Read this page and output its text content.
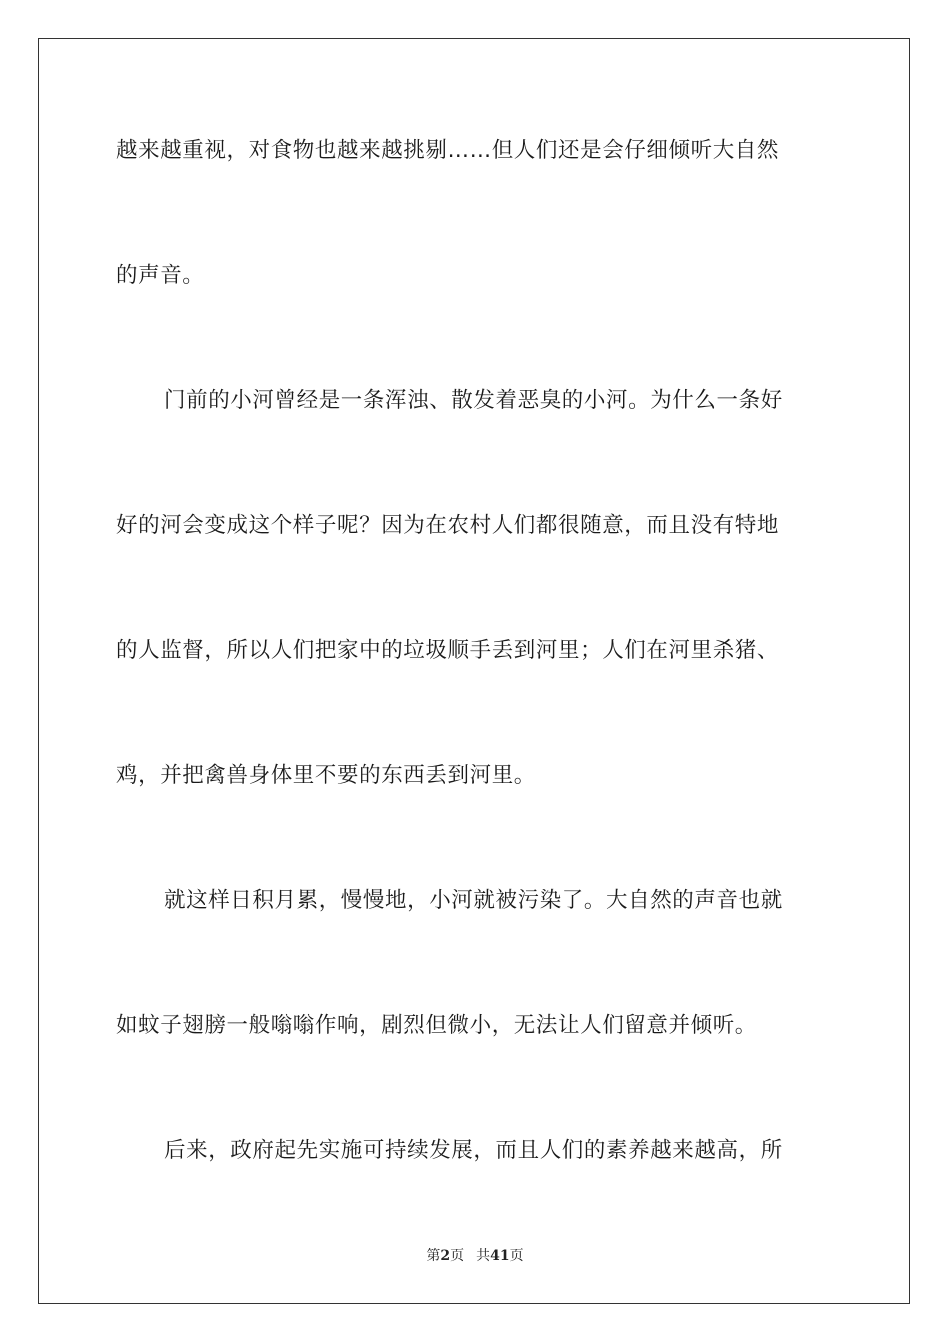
越来越重视，对食物也越来越挑剔……但人们还是会仔细倾听大自然
的声音。
门前的小河曾经是一条浑浊、散发着恶臭的小河。为什么一条好
好的河会变成这个样子呢？因为在农村人们都很随意，而且没有特地
的人监督，所以人们把家中的垃圾顺手丢到河里；人们在河里杀猪、
鸡，并把禽兽身体里不要的东西丢到河里。
就这样日积月累，慢慢地，小河就被污染了。大自然的声音也就
如蚊子翅膀一般嗡嗡作响，剧烈但微小，无法让人们留意并倾听。
后来，政府起先实施可持续发展，而且人们的素养越来越高，所
第2页 共41页
